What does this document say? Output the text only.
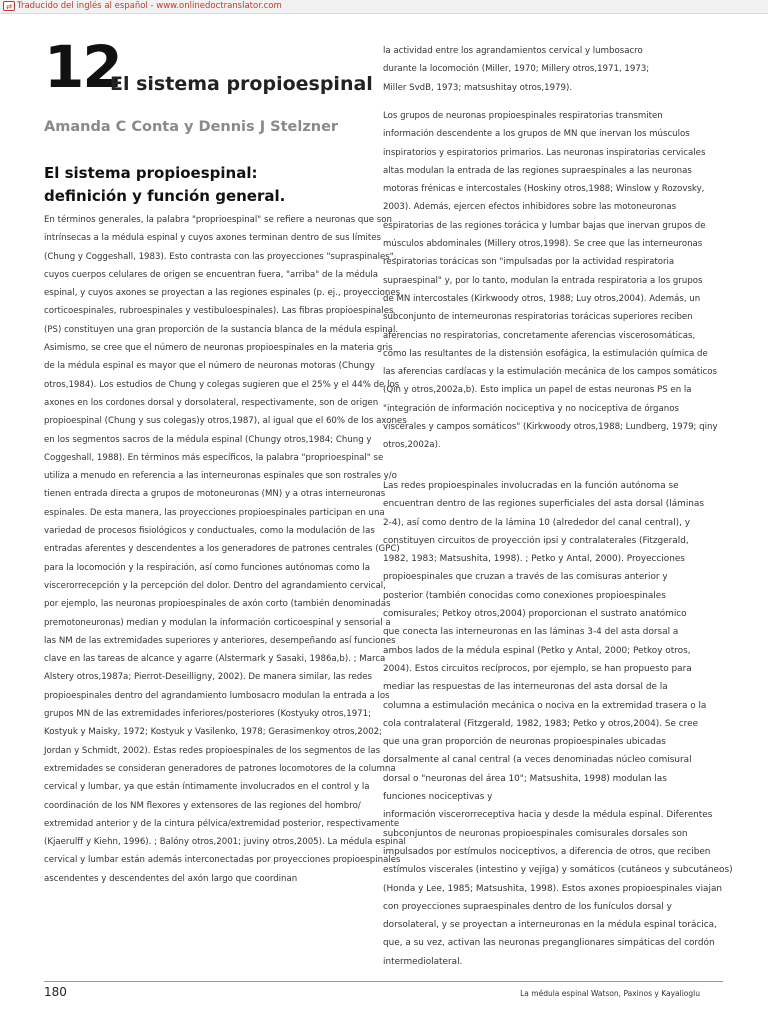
⇄ Traducido del inglés al español - www.onlinedoctranslator.com
12
El sistema propioespinal
Amanda C Conta y Dennis J Stelzner
El sistema propioespinal:
definición y función general.
En términos generales, la palabra "proprioespinal" se refiere a neuronas que son
intrínsecas a la médula espinal y cuyos axones terminan dentro de sus límites
(Chung y Coggeshall, 1983). Esto contrasta con las proyecciones "supraspinales",
cuyos cuerpos celulares de origen se encuentran fuera, "arriba" de la médula
espinal, y cuyos axones se proyectan a las regiones espinales (p. ej., proyecciones
corticoespinales, rubroespinales y vestibuloespinales). Las fibras propioespinales
(PS) constituyen una gran proporción de la sustancia blanca de la médula espinal.
Asimismo, se cree que el número de neuronas propioespinales en la materia gris
de la médula espinal es mayor que el número de neuronas motoras (Chungy
otros,1984). Los estudios de Chung y colegas sugieren que el 25% y el 44% de los
axones en los cordones dorsal y dorsolateral, respectivamente, son de origen
propioespinal (Chung y sus colegas)y otros,1987), al igual que el 60% de los axones
en los segmentos sacros de la médula espinal (Chungy otros,1984; Chung y
Coggeshall, 1988). En términos más específicos, la palabra "proprioespinal" se
utiliza a menudo en referencia a las interneuronas espinales que son rostrales y/o
tienen entrada directa a grupos de motoneuronas (MN) y a otras interneuronas
espinales. De esta manera, las proyecciones propioespinales participan en una
variedad de procesos fisiológicos y conductuales, como la modulación de las
entradas aferentes y descendentes a los generadores de patrones centrales (GPC)
para la locomoción y la respiración, así como funciones autónomas como la
viscerorrecepción y la percepción del dolor. Dentro del agrandamiento cervical,
por ejemplo, las neuronas propioespinales de axón corto (también denominadas
premotoneuronas) median y modulan la información corticoespinal y sensorial a
las NM de las extremidades superiores y anteriores, desempeñando así funciones
clave en las tareas de alcance y agarre (Alstermark y Sasaki, 1986a,b). ; Marca
Alstery otros,1987a; Pierrot-Deseilligny, 2002). De manera similar, las redes
propioespinales dentro del agrandamiento lumbosacro modulan la entrada a los
grupos MN de las extremidades inferiores/posteriores (Kostyuky otros,1971;
Kostyuk y Maisky, 1972; Kostyuk y Vasilenko, 1978; Gerasimenkoy otros,2002;
Jordan y Schmidt, 2002). Estas redes propioespinales de los segmentos de las
extremidades se consideran generadores de patrones locomotores de la columna
cervical y lumbar, ya que están íntimamente involucrados en el control y la
coordinación de los NM flexores y extensores de las regiones del hombro/
extremidad anterior y de la cintura pélvica/extremidad posterior, respectivamente
(Kjaerulff y Kiehn, 1996). ; Balóny otros,2001; juviny otros,2005). La médula espinal
cervical y lumbar están además interconectadas por proyecciones propioespinales
ascendentes y descendentes del axón largo que coordinan
la actividad entre los agrandamientos cervical y lumbosacro
durante la locomoción (Miller, 1970; Millery otros,1971, 1973;
Miller SvdB, 1973; matsushitay otros,1979).
Los grupos de neuronas propioespinales respiratorias transmiten
información descendente a los grupos de MN que inervan los músculos
inspiratorios y espiratorios primarios. Las neuronas inspiratorias cervicales
altas modulan la entrada de las regiones supraespinales a las neuronas
motoras frénicas e intercostales (Hoskiny otros,1988; Winslow y Rozovsky,
2003). Además, ejercen efectos inhibidores sobre las motoneuronas
espiratorias de las regiones torácica y lumbar bajas que inervan grupos de
músculos abdominales (Millery otros,1998). Se cree que las interneuronas
respiratorias torácicas son "impulsadas por la actividad respiratoria
supraespinal" y, por lo tanto, modulan la entrada respiratoria a los grupos
de MN intercostales (Kirkwoody otros, 1988; Luy otros,2004). Además, un
subconjunto de interneuronas respiratorias torácicas superiores reciben
aferencias no respiratorias, concretamente aferencias viscerosomáticas,
como las resultantes de la distensión esofágica, la estimulación química de
las aferencias cardíacas y la estimulación mecánica de los campos somáticos
(Qin y otros,2002a,b). Esto implica un papel de estas neuronas PS en la
"integración de información nociceptiva y no nociceptiva de órganos
viscerales y campos somáticos" (Kirkwoody otros,1988; Lundberg, 1979; qiny
otros,2002a).
Las redes propioespinales involucradas en la función autónoma se
encuentran dentro de las regiones superficiales del asta dorsal (láminas
2-4), así como dentro de la lámina 10 (alrededor del canal central), y
constituyen circuitos de proyección ipsi y contralaterales (Fitzgerald,
1982, 1983; Matsushita, 1998). ; Petko y Antal, 2000). Proyecciones
propioespinales que cruzan a través de las comisuras anterior y
posterior (también conocidas como conexiones propioespinales
comisurales; Petkoy otros,2004) proporcionan el sustrato anatómico
que conecta las interneuronas en las láminas 3-4 del asta dorsal a
ambos lados de la médula espinal (Petko y Antal, 2000; Petkoy otros,
2004). Estos circuitos recíprocos, por ejemplo, se han propuesto para
mediar las respuestas de las interneuronas del asta dorsal de la
columna a estimulación mecánica o nociva en la extremidad trasera o la
cola contralateral (Fitzgerald, 1982, 1983; Petko y otros,2004). Se cree
que una gran proporción de neuronas propioespinales ubicadas
dorsalmente al canal central (a veces denominadas núcleo comisural
dorsal o "neuronas del área 10"; Matsushita, 1998) modulan las
funciones nociceptivas y
información viscerorreceptiva hacia y desde la médula espinal. Diferentes
subconjuntos de neuronas propioespinales comisurales dorsales son
impulsados por estímulos nociceptivos, a diferencia de otros, que reciben
estímulos viscerales (intestino y vejiga) y somáticos (cutáneos y subcutáneos)
(Honda y Lee, 1985; Matsushita, 1998). Estos axones propioespinales viajan
con proyecciones supraespinales dentro de los funículos dorsal y
dorsolateral, y se proyectan a interneuronas en la médula espinal torácica,
que, a su vez, activan las neuronas preganglionares simpáticas del cordón
intermediolateral.
180	La médula espinal Watson, Paxinos y Kayalioglu
